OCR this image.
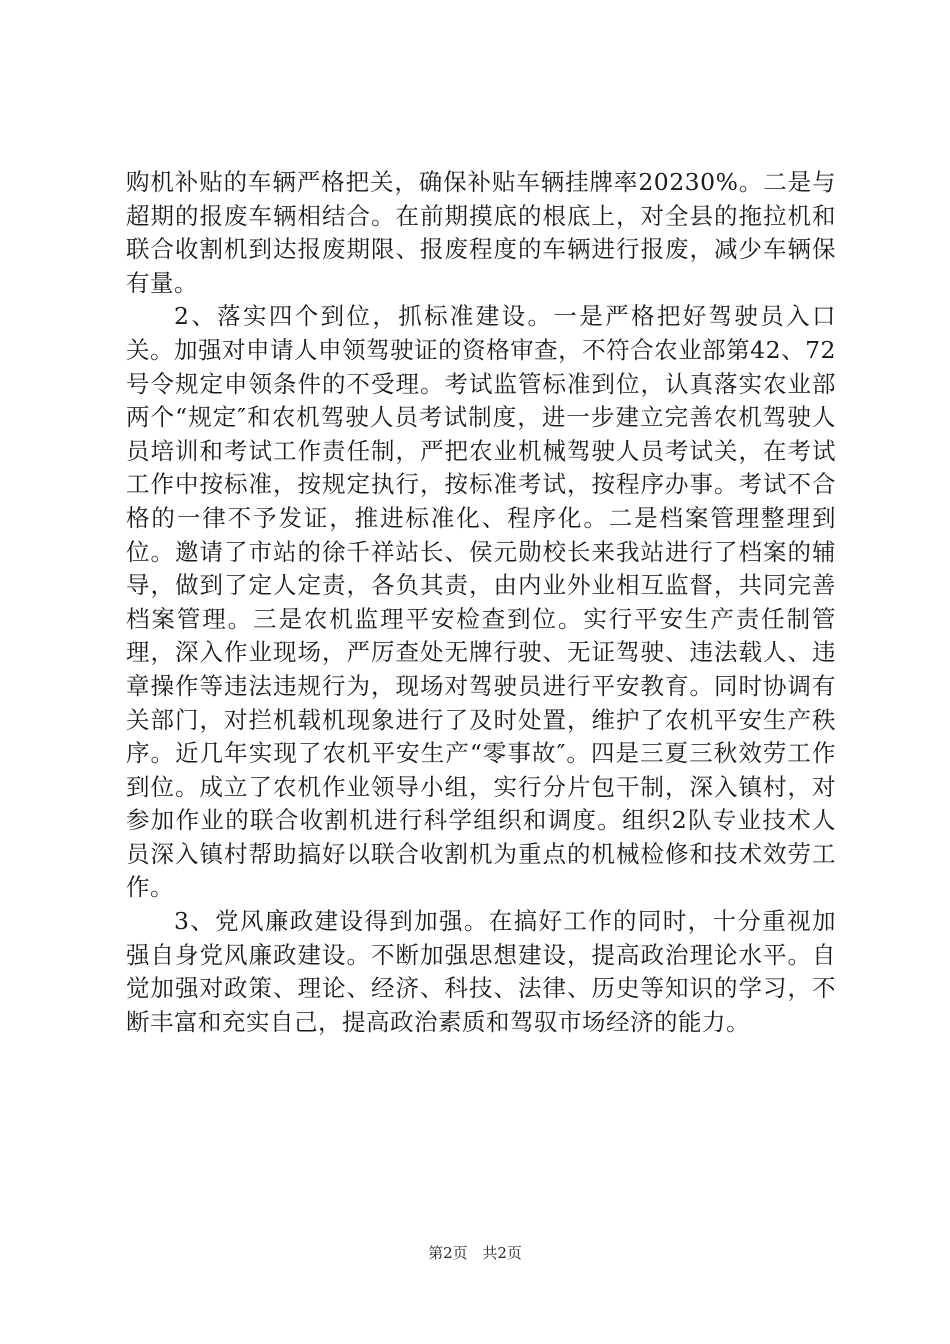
购机补贴的车辆严格把关，确保补贴车辆挂牌率20230%。二是与超期的报废车辆相结合。在前期摸底的根底上，对全县的拖拉机和联合收割机到达报废期限、报废程度的车辆进行报废，减少车辆保有量。

2、落实四个到位，抓标准建设。一是严格把好驾驶员入口关。加强对申请人申领驾驶证的资格审查，不符合农业部第42、72号令规定申领条件的不受理。考试监管标准到位，认真落实农业部两个“规定″和农机驾驶人员考试制度，进一步建立完善农机驾驶人员培训和考试工作责任制，严把农业机械驾驶人员考试关，在考试工作中按标准，按规定执行，按标准考试，按程序办事。考试不合格的一律不予发证，推进标准化、程序化。二是档案管理整理到位。邀请了市站的徐千祥站长、侯元勋校长来我站进行了档案的辅导，做到了定人定责，各负其责，由内业外业相互监督，共同完善档案管理。三是农机监理平安检查到位。实行平安生产责任制管理，深入作业现场，严厉查处无牌行驶、无证驾驶、违法载人、违章操作等违法违规行为，现场对驾驶员进行平安教育。同时协调有关部门，对拦机载机现象进行了及时处置，维护了农机平安生产秩序。近几年实现了农机平安生产“零事故″。四是三夏三秋效劳工作到位。成立了农机作业领导小组，实行分片包干制，深入镇村，对参加作业的联合收割机进行科学组织和调度。组织2队专业技术人员深入镇村帮助搞好以联合收割机为重点的机械检修和技术效劳工作。

3、党风廉政建设得到加强。在搞好工作的同时，十分重视加强自身党风廉政建设。不断加强思想建设，提高政治理论水平。自觉加强对政策、理论、经济、科技、法律、历史等知识的学习，不断丰富和充实自己，提高政治素质和驾驭市场经济的能力。

第2页 共2页
